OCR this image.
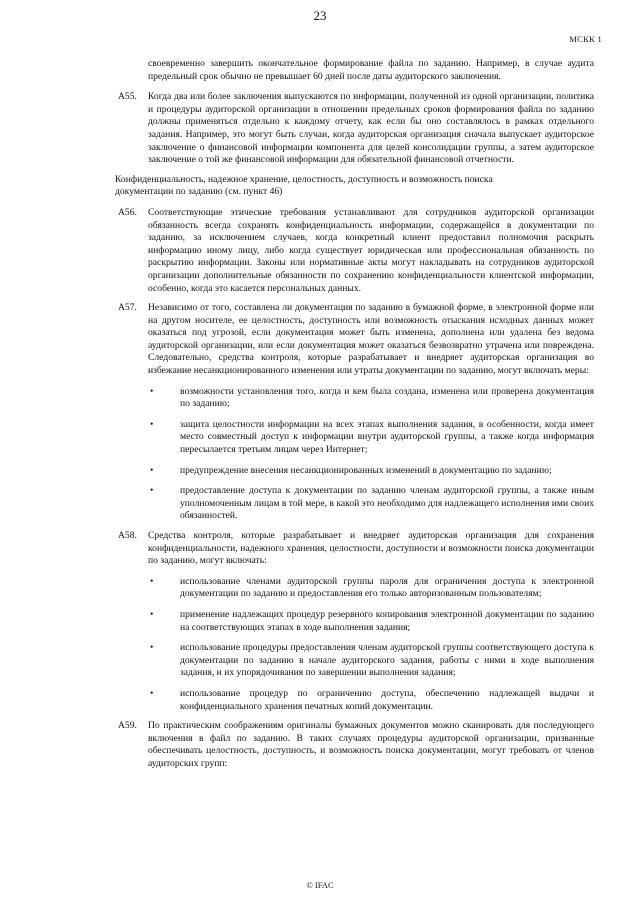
23
МСКК 1
своевременно завершить окончательное формирование файла по заданию. Например, в случае аудита предельный срок обычно не превышает 60 дней после даты аудиторского заключения.
A55. Когда два или более заключения выпускаются по информации, полученной из одной организации, политика и процедуры аудиторской организации в отношении предельных сроков формирования файла по заданию должны применяться отдельно к каждому отчету, как если бы оно составлялось в рамках отдельного задания. Например, это могут быть случаи, когда аудиторская организация сначала выпускает аудиторское заключение о финансовой информации компонента для целей консолидации группы, а затем аудиторское заключение о той же финансовой информации для обязательной финансовой отчетности.
Конфиденциальность, надежное хранение, целостность, доступность и возможность поиска документации по заданию (см. пункт 46)
A56. Соответствующие этические требования устанавливают для сотрудников аудиторской организации обязанность всегда сохранять конфиденциальность информации, содержащейся в документации по заданию, за исключением случаев, когда конкретный клиент предоставил полномочия раскрыть информацию иному лицу, либо когда существует юридическая или профессиональная обязанность по раскрытию информации. Законы или нормативные акты могут накладывать на сотрудников аудиторской организации дополнительные обязанности по сохранению конфиденциальности клиентской информации, особенно, когда это касается персональных данных.
A57. Независимо от того, составлена ли документация по заданию в бумажной форме, в электронной форме или на другом носителе, ее целостность, доступность или возможность отыскания исходных данных может оказаться под угрозой, если документация может быть изменена, дополнена или удалена без ведома аудиторской организации, или если документация может оказаться безвозвратно утрачена или повреждена. Следовательно, средства контроля, которые разрабатывает и внедряет аудиторская организация во избежание несанкционированного изменения или утраты документации по заданию, могут включать меры:
•	возможности установления того, когда и кем была создана, изменена или проверена документация по заданию;
•	защита целостности информации на всех этапах выполнения задания, в особенности, когда имеет место совместный доступ к информации внутри аудиторской группы, а также когда информация пересылается третьим лицам через Интернет;
•	предупреждение внесения несанкционированных изменений в документацию по заданию;
•	предоставление доступа к документации по заданию членам аудиторской группы, а также иным уполномоченным лицам в той мере, в какой это необходимо для надлежащего исполнения ими своих обязанностей.
A58. Средства контроля, которые разрабатывает и внедряет аудиторская организация для сохранения конфиденциальности, надежного хранения, целостности, доступности и возможности поиска документации по заданию, могут включать:
•	использование членами аудиторской группы пароля для ограничения доступа к электронной документации по заданию и предоставления его только авторизованным пользователям;
•	применение надлежащих процедур резервного копирования электронной документации по заданию на соответствующих этапах в ходе выполнения задания;
•	использование процедуры предоставления членам аудиторской группы соответствующего доступа к документации по заданию в начале аудиторского задания, работы с ними в ходе выполнения задания, и их упорядочивания по завершении выполнения задания;
•	использование процедур по ограничению доступа, обеспечению надлежащей выдачи и конфиденциального хранения печатных копий документации.
A59. По практическим соображениям оригиналы бумажных документов можно сканировать для последующего включения в файл по заданию. В таких случаях процедуры аудиторской организации, призванные обеспечивать целостность, доступность, и возможность поиска документации, могут требовать от членов аудиторских групп:
© IFAC
